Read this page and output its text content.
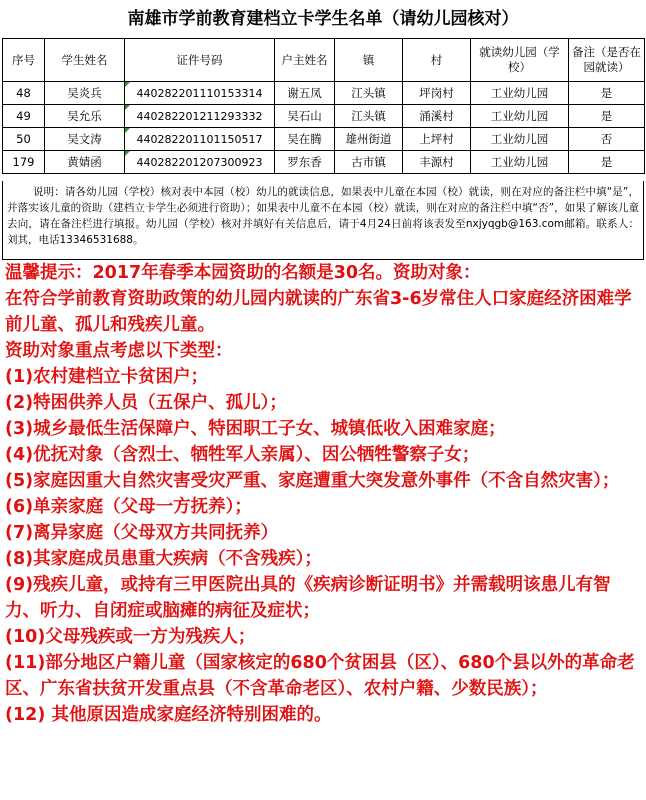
南雄市学前教育建档立卡学生名单（请幼儿园核对）
序号	学生姓名	证件号码	户主姓名	镇	村	就读幼儿园（学校）	备注（是否在园就读）
48	吴炎兵	440282201110153314	谢五凤	江头镇	坪岗村	工业幼儿园	是
49	吴允乐	440282201211293332	吴石山	江头镇	涌溪村	工业幼儿园	是
50	吴文涛	440282201101150517	吴在腾	雄州街道	上坪村	工业幼儿园	否
179	黄婧函	440282201207300923	罗东香	古市镇	丰源村	工业幼儿园	是
说明：请各幼儿园（学校）核对表中本园（校）幼儿的就读信息，如果表中儿童在本园（校）就读，则在对应的备注栏中填“是”，并落实该儿童的资助（建档立卡学生必须进行资助）；如果表中儿童不在本园（校）就读，则在对应的备注栏中填“否”，如果了解该儿童去向，请在备注栏进行填报。幼儿园（学校）核对并填好有关信息后，请于4月24日前将该表发至nxjyqgb@163.com邮箱。联系人：刘其，电话13346531688。
温馨提示：2017年春季本园资助的名额是30名。资助对象：
在符合学前教育资助政策的幼儿园内就读的广东省3-6岁常住人口家庭经济困难学前儿童、孤儿和残疾儿童。
资助对象重点考虑以下类型：
(1)农村建档立卡贫困户；
(2)特困供养人员（五保户、孤儿）；
(3)城乡最低生活保障户、特困职工子女、城镇低收入困难家庭；
(4)优抚对象（含烈士、牺牲军人亲属）、因公牺牲警察子女；
(5)家庭因重大自然灾害受灾严重、家庭遭重大突发意外事件（不含自然灾害）；
(6)单亲家庭（父母一方抚养）；
(7)离异家庭（父母双方共同抚养）
(8)其家庭成员患重大疾病（不含残疾）；
(9)残疾儿童，或持有三甲医院出具的《疾病诊断证明书》并需载明该患儿有智力、听力、自闭症或脑瘫的病征及症状；
(10)父母残疾或一方为残疾人；
(11)部分地区户籍儿童（国家核定的680个贫困县（区）、680个县以外的革命老区、广东省扶贫开发重点县（不含革命老区）、农村户籍、少数民族）；
(12) 其他原因造成家庭经济特别困难的。
